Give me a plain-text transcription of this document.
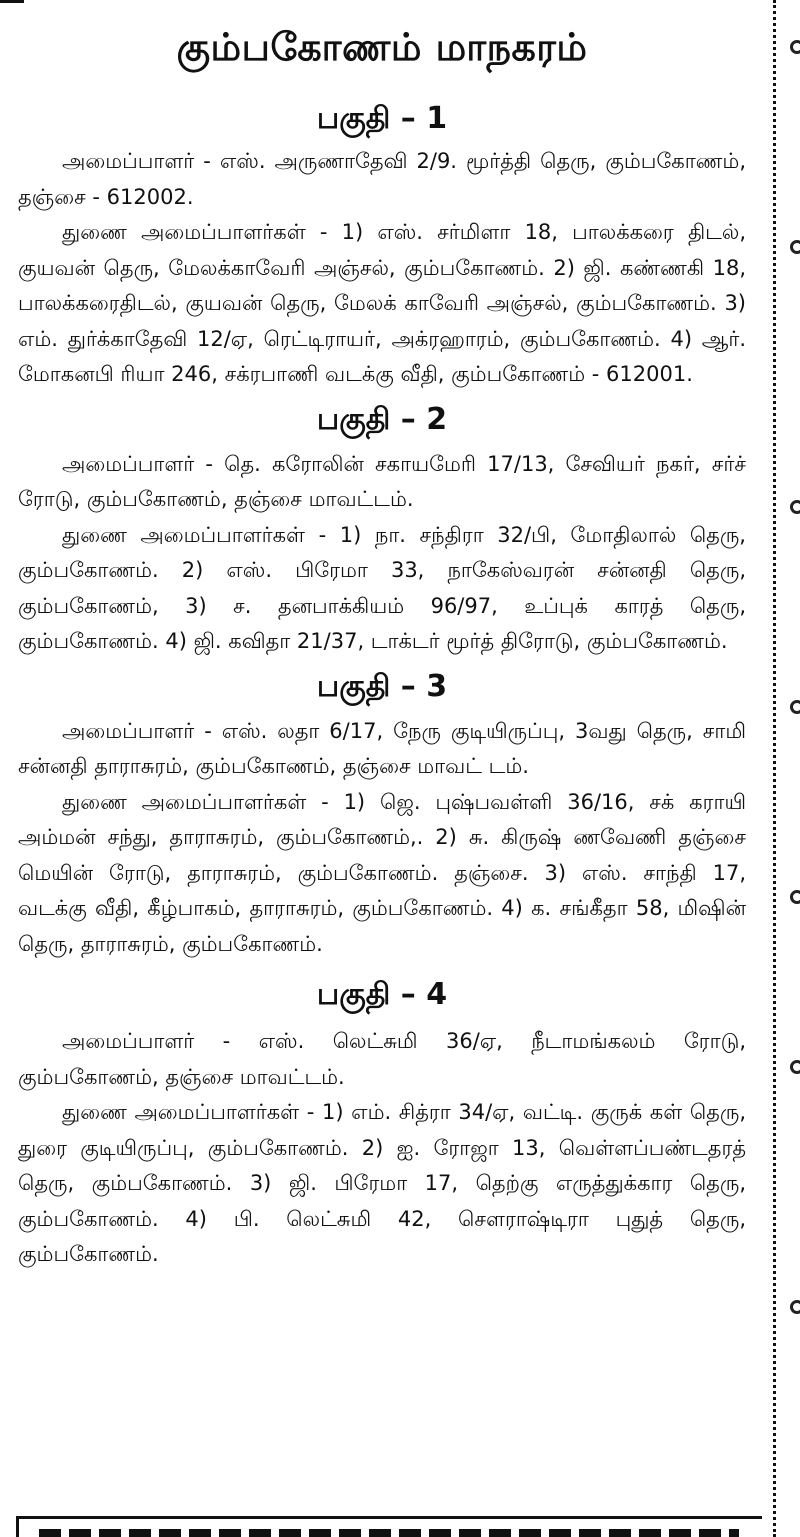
கும்பகோணம் மாநகரம்
பகுதி – 1

அமைப்பாளர் - எஸ். அருணாதேவி 2/9. மூர்த்தி தெரு, கும்பகோணம், தஞ்சை - 612002.

துணை அமைப்பாளர்கள் - 1) எஸ். சர்மிளா 18, பாலக்கரை திடல், குயவன் தெரு, மேலக்காவேரி அஞ்சல், கும்பகோணம். 2) ஜி. கண்ணகி 18, பாலக்கரைதிடல், குயவன் தெரு, மேலக் காவேரி அஞ்சல், கும்பகோணம். 3) எம். துர்க்காதேவி 12/ஏ, ரெட்டிராயர், அக்ரஹாரம், கும்பகோணம். 4) ஆர். மோகனபி ரியா 246, சக்ரபாணி வடக்கு வீதி, கும்பகோணம் - 612001.

பகுதி – 2

அமைப்பாளர் - தெ. கரோலின் சகாயமேரி 17/13, சேவியர் நகர், சர்ச் ரோடு, கும்பகோணம், தஞ்சை மாவட்டம்.

துணை அமைப்பாளர்கள் - 1) நா. சந்திரா 32/பி, மோதிலால் தெரு, கும்பகோணம். 2) எஸ். பிரேமா 33, நாகேஸ்வரன் சன்னதி தெரு, கும்பகோணம், 3) ச. தனபாக்கியம் 96/97, உப்புக் காரத் தெரு, கும்பகோணம். 4) ஜி. கவிதா 21/37, டாக்டர் மூர்த் திரோடு, கும்பகோணம்.

பகுதி – 3

அமைப்பாளர் - எஸ். லதா 6/17, நேரு குடியிருப்பு, 3வது தெரு, சாமி சன்னதி தாராசுரம், கும்பகோணம், தஞ்சை மாவட் டம்.

துணை அமைப்பாளர்கள் - 1) ஜெ. புஷ்பவள்ளி 36/16, சக் கராயி அம்மன் சந்து, தாராசுரம், கும்பகோணம்,. 2) சு. கிருஷ் ணவேணி தஞ்சை மெயின் ரோடு, தாராசுரம், கும்பகோணம். தஞ்சை. 3) எஸ். சாந்தி 17, வடக்கு வீதி, கீழ்பாகம், தாராசுரம், கும்பகோணம். 4) க. சங்கீதா 58, மிஷின் தெரு, தாராசுரம், கும்பகோணம்.

பகுதி – 4

அமைப்பாளர் - எஸ். லெட்சுமி 36/ஏ, நீடாமங்கலம் ரோடு, கும்பகோணம், தஞ்சை மாவட்டம்.

துணை அமைப்பாளர்கள் - 1) எம். சித்ரா 34/ஏ, வட்டி. குருக் கள் தெரு, துரை குடியிருப்பு, கும்பகோணம். 2) ஐ. ரோஜா 13, வெள்ளப்பண்டதரத் தெரு, கும்பகோணம். 3) ஜி. பிரேமா 17, தெற்கு எருத்துக்கார தெரு, கும்பகோணம். 4) பி. லெட்சுமி 42, சௌராஷ்டிரா புதுத் தெரு, கும்பகோணம்.
